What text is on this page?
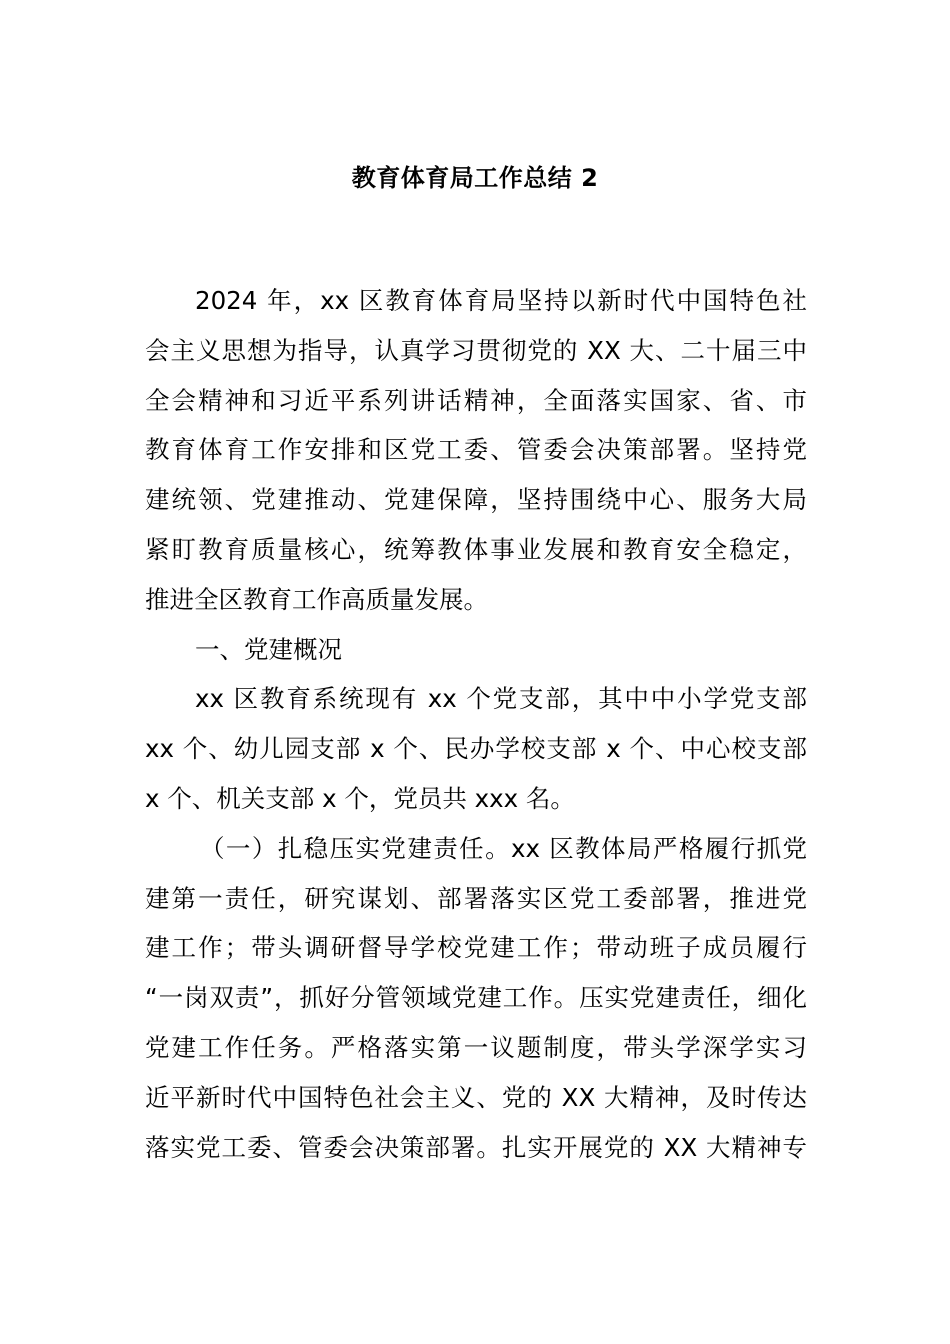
教育体育局工作总结 2
2024 年，xx 区教育体育局坚持以新时代中国特色社
会主义思想为指导，认真学习贯彻党的 XX 大、二十届三中
全会精神和习近平系列讲话精神，全面落实国家、省、市
教育体育工作安排和区党工委、管委会决策部署。坚持党
建统领、党建推动、党建保障，坚持围绕中心、服务大局
紧盯教育质量核心，统筹教体事业发展和教育安全稳定，
推进全区教育工作高质量发展。
一、党建概况
xx 区教育系统现有 xx 个党支部，其中中小学党支部
xx 个、幼儿园支部 x 个、民办学校支部 x 个、中心校支部
x 个、机关支部 x 个，党员共 xxx 名。
（一）扎稳压实党建责任。xx 区教体局严格履行抓党
建第一责任，研究谋划、部署落实区党工委部署，推进党
建工作；带头调研督导学校党建工作；带动班子成员履行
“一岗双责”，抓好分管领域党建工作。压实党建责任，细化
党建工作任务。严格落实第一议题制度，带头学深学实习
近平新时代中国特色社会主义、党的 XX 大精神，及时传达
落实党工委、管委会决策部署。扎实开展党的 XX 大精神专
